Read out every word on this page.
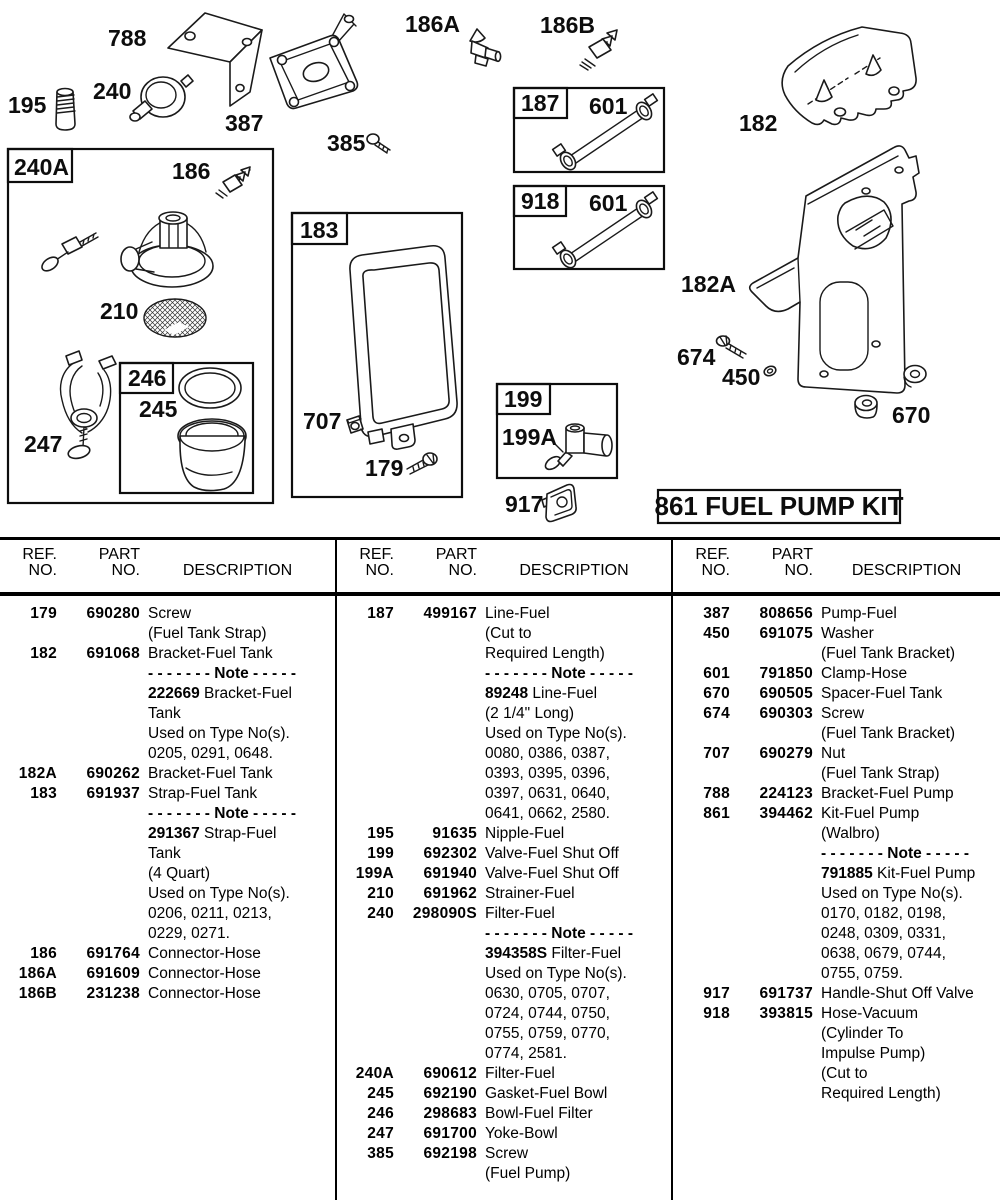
788
195
240
387
385
186A	186B
240A	186
210
246
245
247
183
707
179
187 601
918 601
182
182A
674
450
670
199
199A
917	861 FUEL PUMP KIT
REF.
NO.
PART
NO.	DESCRIPTION
179	690280 Screw
(Fuel Tank Strap)
182	691068 Bracket-Fuel Tank
- - - - - - - Note - - - - -
222669 Bracket-Fuel
Tank
Used on Type No(s).
0205, 0291, 0648.
182A	690262 Bracket-Fuel Tank
183	691937 Strap-Fuel Tank
- - - - - - - Note - - - - -
291367 Strap-Fuel
Tank
(4 Quart)
Used on Type No(s).
0206, 0211, 0213,
0229, 0271.
186	691764 Connector-Hose
186A	691609 Connector-Hose
186B	231238 Connector-Hose
REF.
NO.
PART
NO.	DESCRIPTION
187	499167 Line-Fuel
(Cut to
Required Length)
- - - - - - - Note - - - - -
89248 Line-Fuel
(2 1/4" Long)
Used on Type No(s).
0080, 0386, 0387,
0393, 0395, 0396,
0397, 0631, 0640,
0641, 0662, 2580.
195	91635 Nipple-Fuel
199	692302 Valve-Fuel Shut Off
199A	691940 Valve-Fuel Shut Off
210	691962 Strainer-Fuel
240	298090S Filter-Fuel
- - - - - - - Note - - - - -
394358S Filter-Fuel
Used on Type No(s).
0630, 0705, 0707,
0724, 0744, 0750,
0755, 0759, 0770,
0774, 2581.
240A	690612 Filter-Fuel
245	692190 Gasket-Fuel Bowl
246	298683 Bowl-Fuel Filter
247	691700 Yoke-Bowl
385	692198 Screw
(Fuel Pump)
REF.
NO.
PART
NO.	DESCRIPTION
387	808656 Pump-Fuel
450	691075 Washer
(Fuel Tank Bracket)
601	791850 Clamp-Hose
670	690505 Spacer-Fuel Tank
674	690303 Screw
(Fuel Tank Bracket)
707	690279 Nut
(Fuel Tank Strap)
788	224123 Bracket-Fuel Pump
861	394462 Kit-Fuel Pump
(Walbro)
- - - - - - - Note - - - - -
791885 Kit-Fuel Pump
Used on Type No(s).
0170, 0182, 0198,
0248, 0309, 0331,
0638, 0679, 0744,
0755, 0759.
917	691737 Handle-Shut Off Valve
918	393815 Hose-Vacuum
(Cylinder To
Impulse Pump)
(Cut to
Required Length)
